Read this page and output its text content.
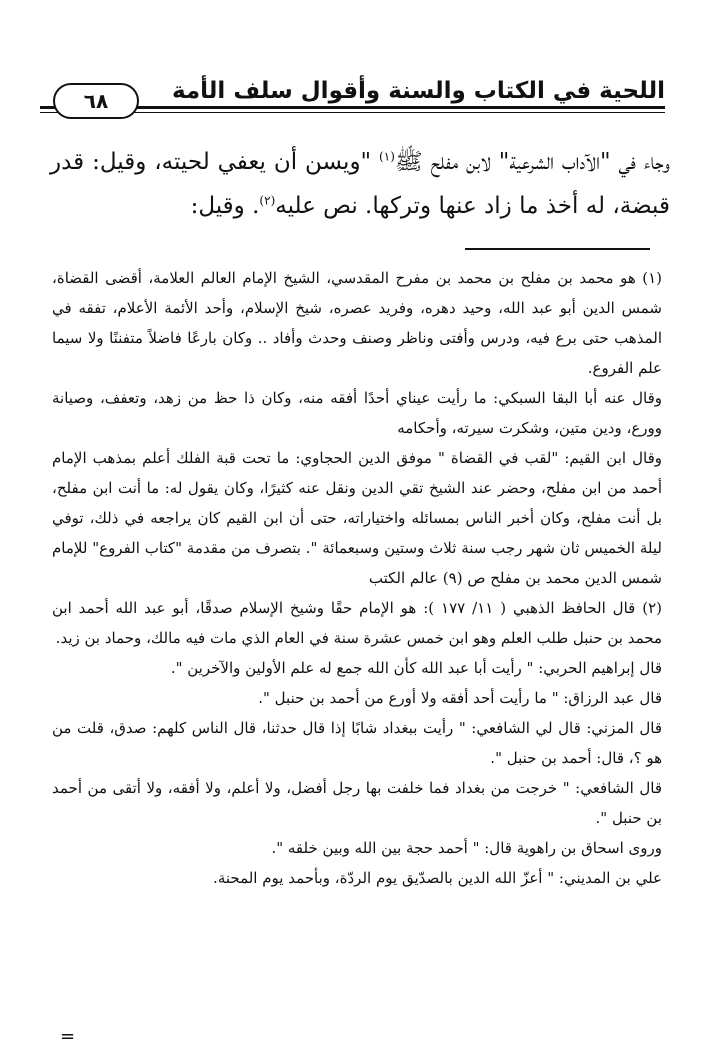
اللحية في الكتاب والسنة وأقوال سلف الأمة
٦٨
وجاء في "الآداب الشرعية" لابن مفلح ﷺ$^{(١)}$ "ويسن أن يعفي لحيته، وقيل: قدر قبضة، له أخذ ما زاد عنها وتركها. نص عليه$^{(٢)}$. وقيل:

(١) هو محمد بن مفلح بن محمد بن مفرح المقدسي، الشيخ الإمام العالم العلامة، أقضى القضاة، شمس الدين أبو عبد الله، وحيد دهره، وفريد عصره، شيخ الإسلام، وأحد الأئمة الأعلام، تفقه في المذهب حتى برع فيه، ودرس وأفتى وناظر وصنف وحدث وأفاد .. وكان بارعًا فاضلاً متفننًا ولا سيما علم الفروع.

وقال عنه أبا البقا السبكي: ما رأيت عيناي أحدًا أفقه منه، وكان ذا حظ من زهد، وتعفف، وصيانة وورع، ودين متين، وشكرت سيرته، وأحكامه

وقال ابن القيم: "لقب في القضاة " موفق الدين الحجاوي: ما تحت قبة الفلك أعلم بمذهب الإمام أحمد من ابن مفلح، وحضر عند الشيخ تقي الدين ونقل عنه كثيرًا، وكان يقول له: ما أنت ابن مفلح، بل أنت مفلح، وكان أخبر الناس بمسائله واختياراته، حتى أن ابن القيم كان يراجعه في ذلك، توفي ليلة الخميس ثان شهر رجب سنة ثلاث وستين وسبعمائة ". بتصرف من مقدمة "كتاب الفروع" للإمام شمس الدين محمد بن مفلح ص (٩) عالم الكتب

(٢) قال الحافظ الذهبي ( ١١/ ١٧٧ ): هو الإمام حقًا وشيخ الإسلام صدقًا، أبو عبد الله أحمد ابن محمد بن حنبل طلب العلم وهو ابن خمس عشرة سنة في العام الذي مات فيه مالك، وحماد بن زيد.

قال إبراهيم الحربي: " رأيت أبا عبد الله كأن الله جمع له علم الأولين والآخرين ".

قال عبد الرزاق: " ما رأيت أحد أفقه ولا أورع من أحمد بن حنبل ".

قال المزني: قال لي الشافعي: " رأيت ببغداد شابًا إذا قال حدثنا، قال الناس كلهم: صدق، قلت من هو ؟، قال: أحمد بن حنبل ".

قال الشافعي: " خرجت من بغداد فما خلفت بها رجل أفضل، ولا أعلم، ولا أفقه، ولا أتقى من أحمد بن حنبل ".

وروى اسحاق بن راهوية قال: " أحمد حجة بين الله وبين خلقه ".

علي بن المديني: " أعزّ الله الدين بالصدّيق يوم الردّة، وبأحمد يوم المحنة.

=
